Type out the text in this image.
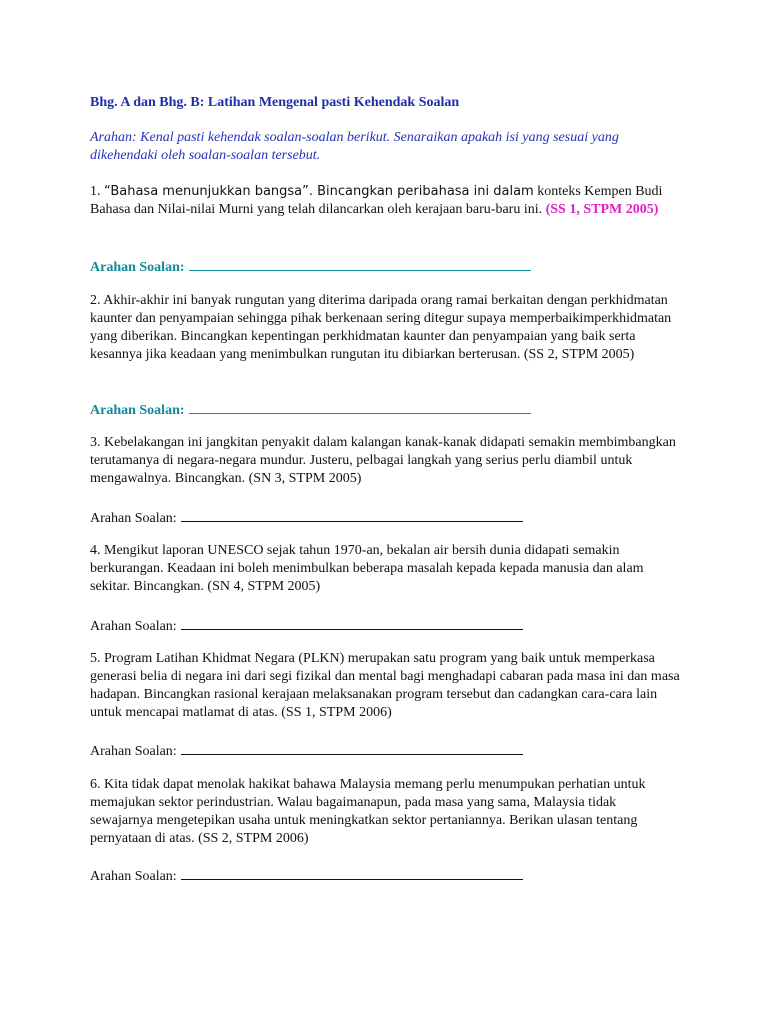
Bhg. A dan Bhg. B: Latihan Mengenal pasti Kehendak Soalan
Arahan: Kenal pasti kehendak soalan-soalan berikut. Senaraikan apakah isi yang sesuai yang dikehendaki oleh soalan-soalan tersebut.

1. “Bahasa menunjukkan bangsa”. Bincangkan peribahasa ini dalam konteks Kempen Budi Bahasa dan Nilai-nilai Murni yang telah dilancarkan oleh kerajaan baru-baru ini. (SS 1, STPM 2005)

Arahan Soalan:

2. Akhir-akhir ini banyak rungutan yang diterima daripada orang ramai berkaitan dengan perkhidmatan kaunter dan penyampaian sehingga pihak berkenaan sering ditegur supaya memperbaikimperkhidmatan yang diberikan. Bincangkan kepentingan perkhidmatan kaunter dan penyampaian yang baik serta kesannya jika keadaan yang menimbulkan rungutan itu dibiarkan berterusan. (SS 2, STPM 2005)

Arahan Soalan:

3. Kebelakangan ini jangkitan penyakit dalam kalangan kanak-kanak didapati semakin membimbangkan terutamanya di negara-negara mundur. Justeru, pelbagai langkah yang serius perlu diambil untuk mengawalnya. Bincangkan. (SN 3, STPM 2005)

Arahan Soalan:

4. Mengikut laporan UNESCO sejak tahun 1970-an, bekalan air bersih dunia didapati semakin berkurangan. Keadaan ini boleh menimbulkan beberapa masalah kepada kepada manusia dan alam sekitar. Bincangkan. (SN 4, STPM 2005)

Arahan Soalan:

5. Program Latihan Khidmat Negara (PLKN) merupakan satu program yang baik untuk memperkasa generasi belia di negara ini dari segi fizikal dan mental bagi menghadapi cabaran pada masa ini dan masa hadapan. Bincangkan rasional kerajaan melaksanakan program tersebut dan cadangkan cara-cara lain untuk mencapai matlamat di atas. (SS 1, STPM 2006)

Arahan Soalan:

6. Kita tidak dapat menolak hakikat bahawa Malaysia memang perlu menumpukan perhatian untuk memajukan sektor perindustrian. Walau bagaimanapun, pada masa yang sama, Malaysia tidak sewajarnya mengetepikan usaha untuk meningkatkan sektor pertaniannya. Berikan ulasan tentang pernyataan di atas. (SS 2, STPM 2006)

Arahan Soalan:
